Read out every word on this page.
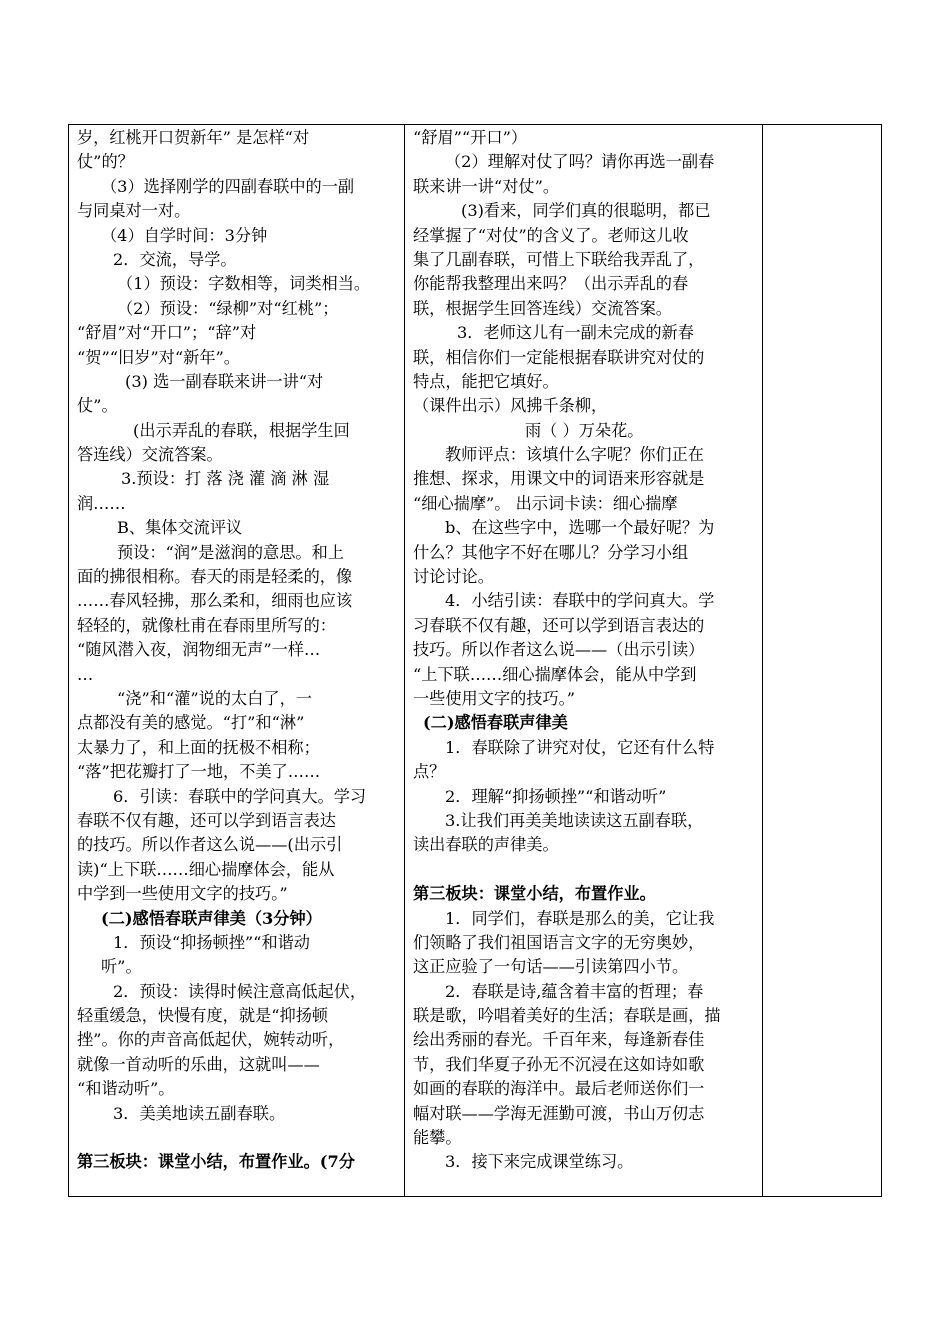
岁，红桃开口贺新年” 是怎样“对
仗”的？
（3）选择刚学的四副春联中的一副
与同桌对一对。
（4）自学时间：3分钟
2．交流，导学。
（1）预设：字数相等，词类相当。
（2）预设：“绿柳”对“红桃”；
“舒眉”对“开口”；“辞”对
“贺”“旧岁”对“新年”。
(3) 选一副春联来讲一讲“对
仗”。
(出示弄乱的春联，根据学生回
答连线）交流答案。
3.预设：打 落 浇 灌 滴 淋 湿
润……
B、集体交流评议
预设：“润”是滋润的意思。和上
面的拂很相称。春天的雨是轻柔的，像
……春风轻拂，那么柔和，细雨也应该
轻轻的，就像杜甫在春雨里所写的：
“随风潜入夜，润物细无声”一样…
…
“浇”和“灌”说的太白了，一
点都没有美的感觉。“打”和“淋”
太暴力了，和上面的抚极不相称；
“落”把花瓣打了一地，不美了……
6．引读：春联中的学问真大。学习
春联不仅有趣，还可以学到语言表达
的技巧。所以作者这么说——(出示引
读)“上下联……细心揣摩体会，能从
中学到一些使用文字的技巧。”
(二)感悟春联声律美（3分钟）
1．预设“抑扬顿挫”“和谐动
听”。
2．预设：读得时候注意高低起伏，
轻重缓急，快慢有度，就是“抑扬顿
挫”。你的声音高低起伏，婉转动听，
就像一首动听的乐曲，这就叫——
“和谐动听”。
3．美美地读五副春联。
第三板块：课堂小结，布置作业。(7分
“舒眉”“开口”）
（2）理解对仗了吗？请你再选一副春
联来讲一讲“对仗”。
(3)看来，同学们真的很聪明，都已
经掌握了“对仗”的含义了。老师这儿收
集了几副春联，可惜上下联给我弄乱了，
你能帮我整理出来吗？（出示弄乱的春
联，根据学生回答连线）交流答案。
3．老师这儿有一副未完成的新春
联，相信你们一定能根据春联讲究对仗的
特点，能把它填好。
（课件出示）风拂千条柳，
雨（ ）万朵花。
教师评点：该填什么字呢？你们正在
推想、探求，用课文中的词语来形容就是
“细心揣摩”。 出示词卡读：细心揣摩
b、在这些字中，选哪一个最好呢？为
什么？其他字不好在哪儿？分学习小组
讨论讨论。
4．小结引读：春联中的学问真大。学
习春联不仅有趣，还可以学到语言表达的
技巧。所以作者这么说——（出示引读）
“上下联……细心揣摩体会，能从中学到
一些使用文字的技巧。”
(二)感悟春联声律美
1．春联除了讲究对仗，它还有什么特
点？
2．理解“抑扬顿挫”“和谐动听”
3.让我们再美美地读读这五副春联，
读出春联的声律美。
第三板块：课堂小结，布置作业。
1．同学们，春联是那么的美，它让我
们领略了我们祖国语言文字的无穷奥妙，
这正应验了一句话——引读第四小节。
2．春联是诗,蕴含着丰富的哲理；春
联是歌，吟唱着美好的生活；春联是画，描
绘出秀丽的春光。千百年来，每逢新春佳
节，我们华夏子孙无不沉浸在这如诗如歌
如画的春联的海洋中。最后老师送你们一
幅对联——学海无涯勤可渡，书山万仞志
能攀。
3．接下来完成课堂练习。
